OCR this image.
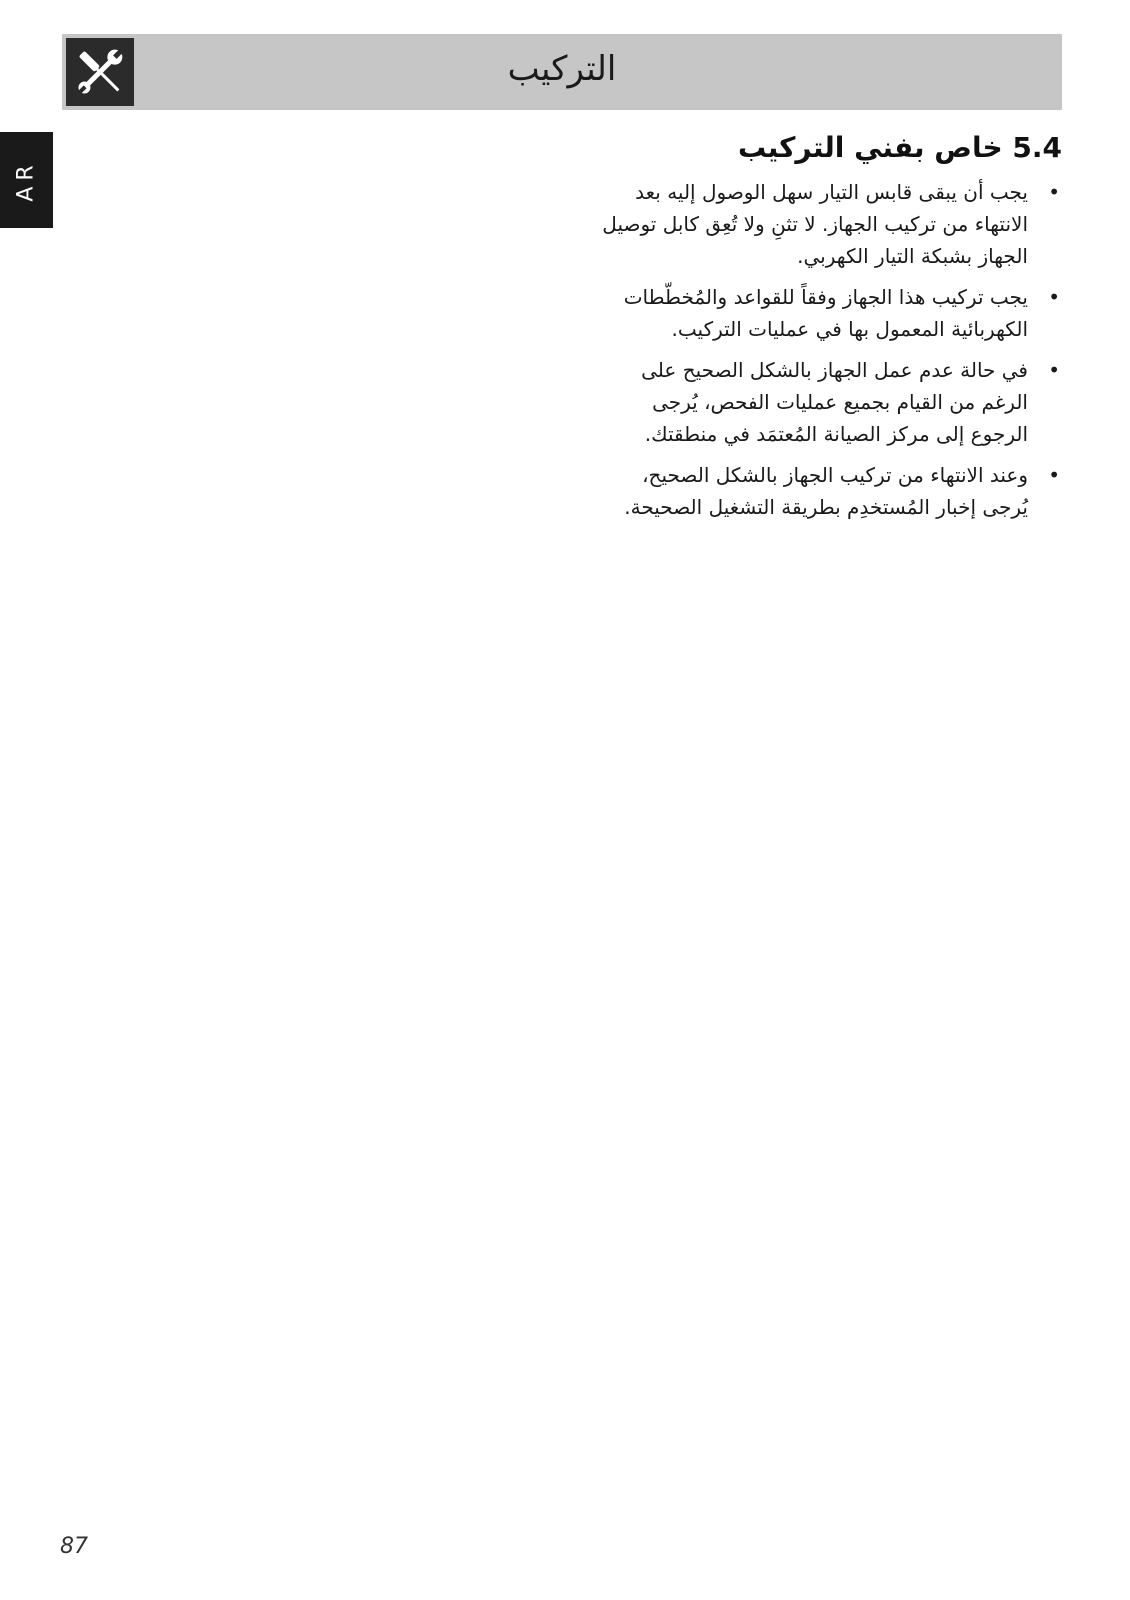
التركيب
AR
5.4 خاص بفني التركيب
•
يجب أن يبقى قابس التيار سهل الوصول إليه بعد الانتهاء من تركيب الجهاز. لا تثنِ ولا تُعِق كابل توصيل الجهاز بشبكة التيار الكهربي.
•
يجب تركيب هذا الجهاز وفقاً للقواعد والمُخطّطات الكهربائية المعمول بها في عمليات التركيب.
•
في حالة عدم عمل الجهاز بالشكل الصحيح على الرغم من القيام بجميع عمليات الفحص، يُرجى الرجوع إلى مركز الصيانة المُعتمَد في منطقتك.
•
وعند الانتهاء من تركيب الجهاز بالشكل الصحيح، يُرجى إخبار المُستخدِم بطريقة التشغيل الصحيحة.
87
